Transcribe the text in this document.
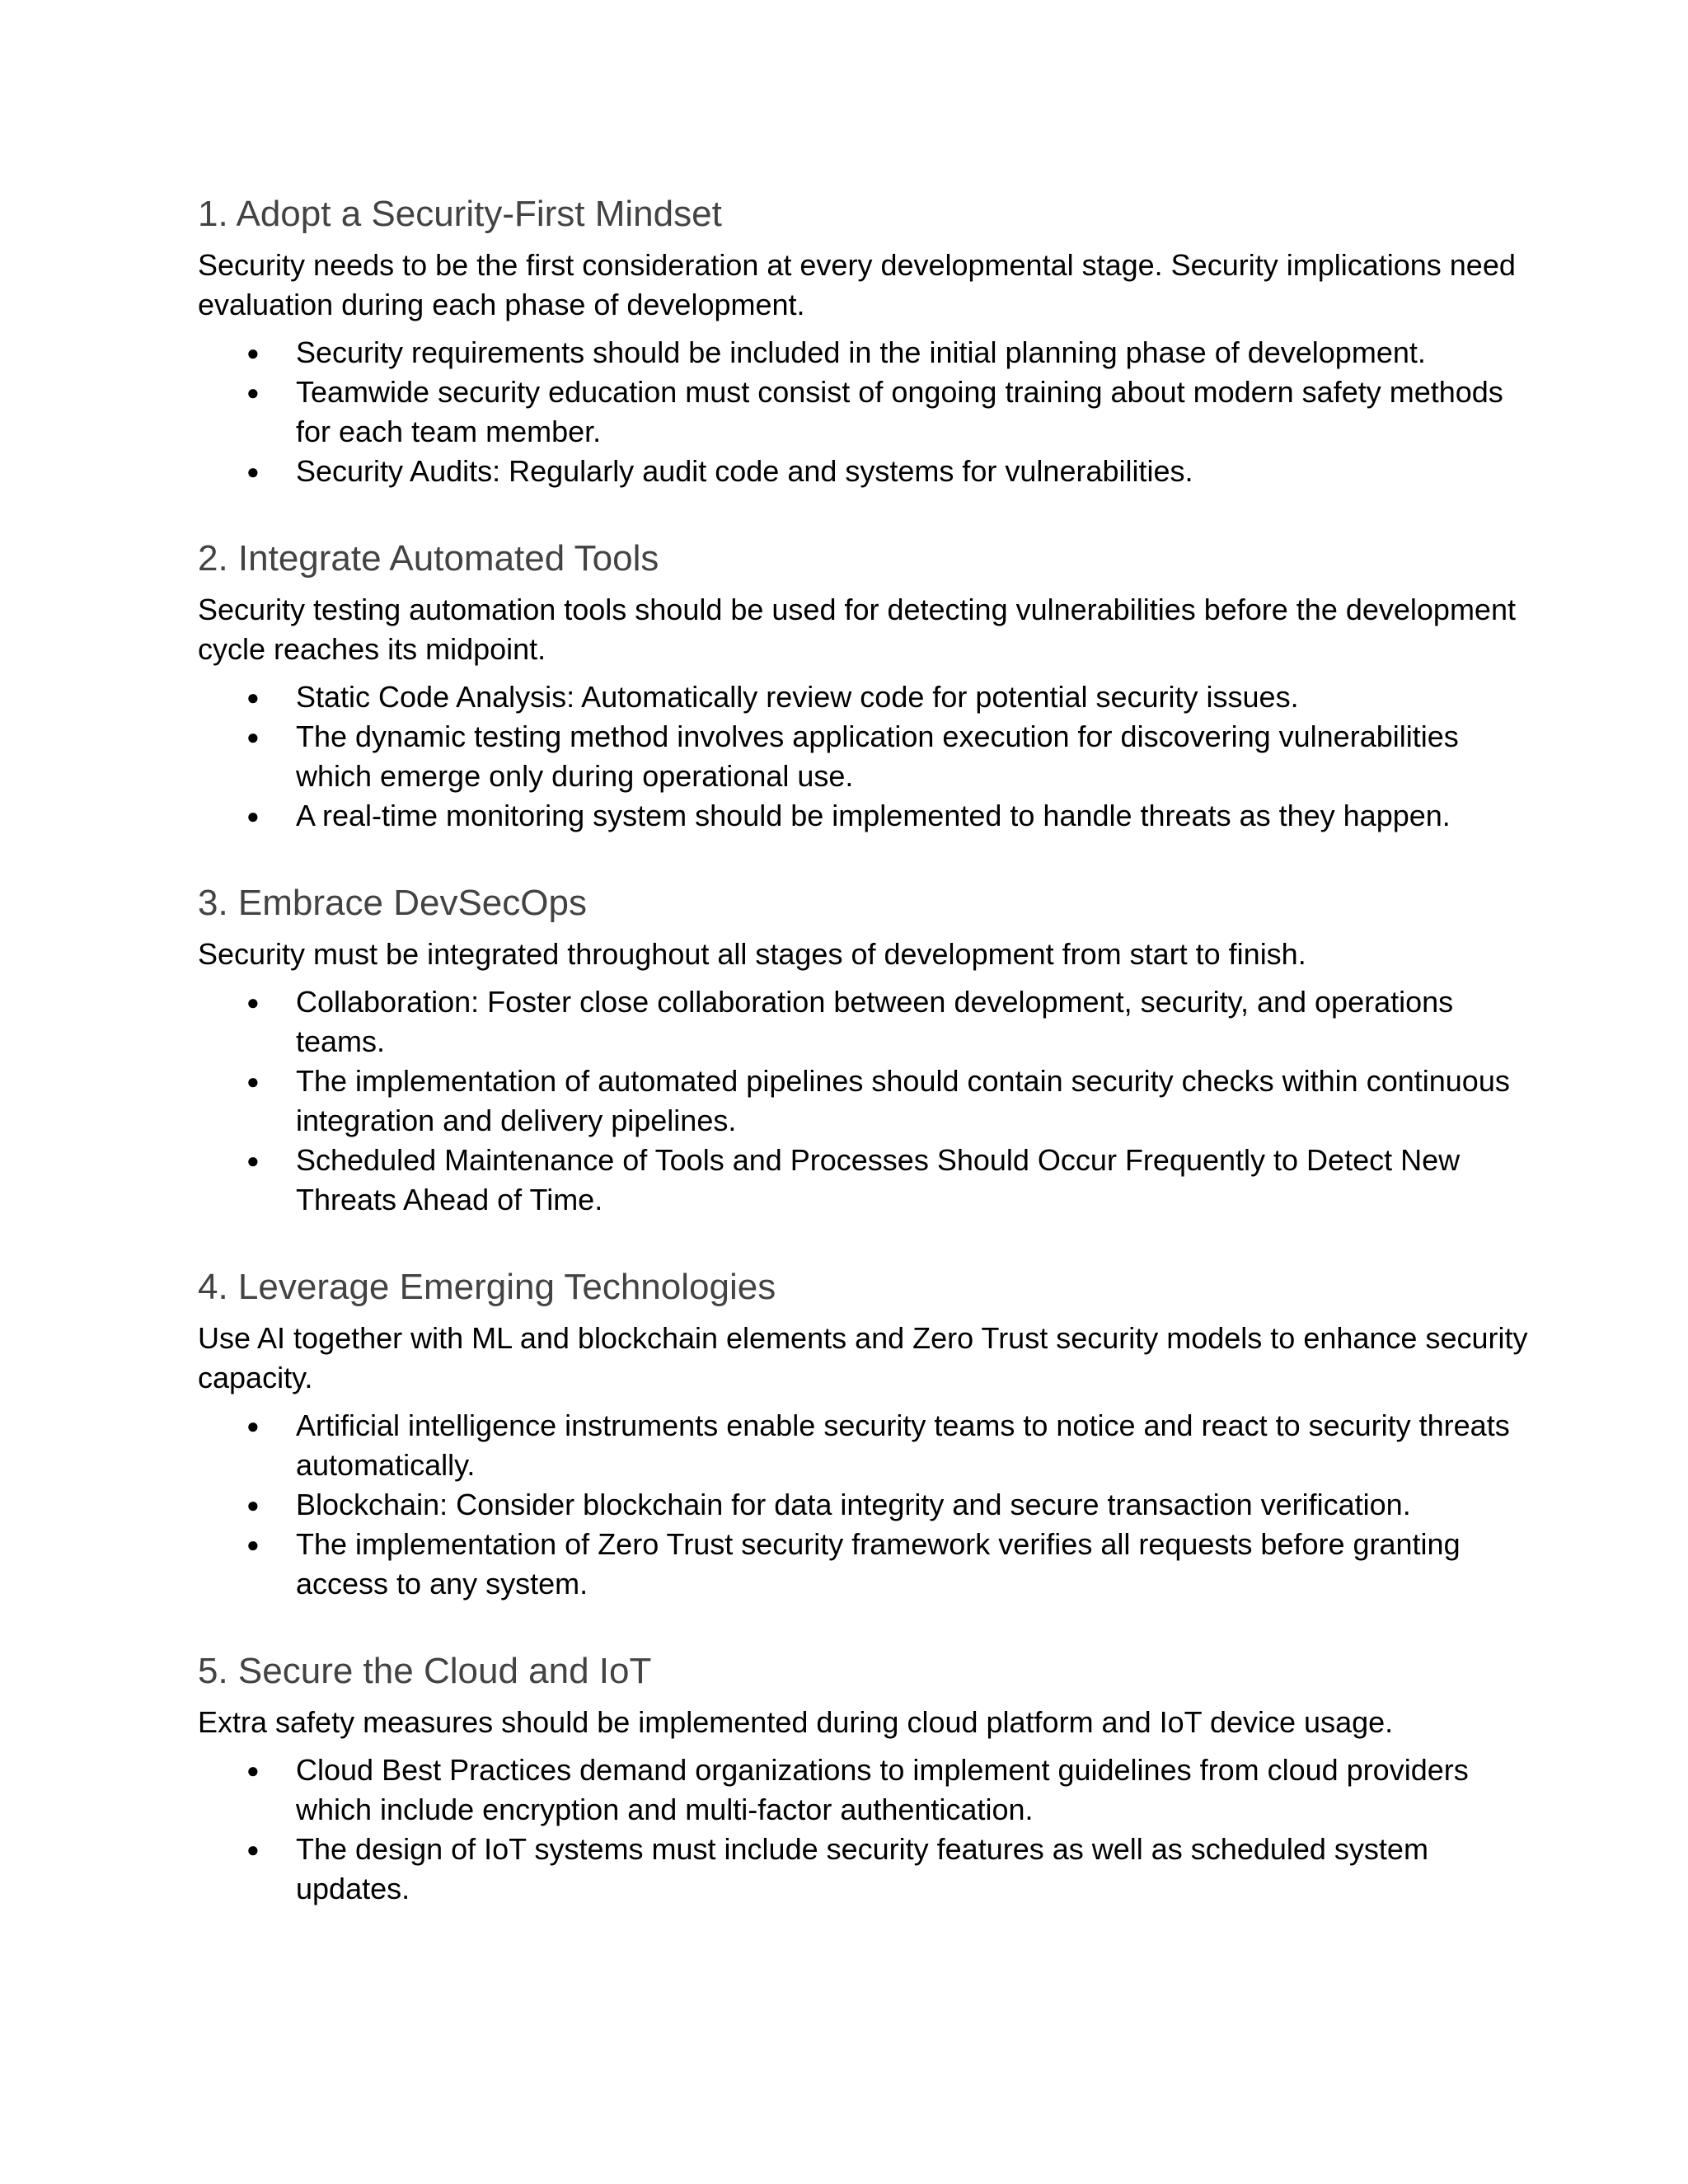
1. Adopt a Security-First Mindset

Security needs to be the first consideration at every developmental stage. Security implications need evaluation during each phase of development.

● Security requirements should be included in the initial planning phase of development.
● Teamwide security education must consist of ongoing training about modern safety methods for each team member.
● Security Audits: Regularly audit code and systems for vulnerabilities.
2. Integrate Automated Tools

Security testing automation tools should be used for detecting vulnerabilities before the development cycle reaches its midpoint.

● Static Code Analysis: Automatically review code for potential security issues.
● The dynamic testing method involves application execution for discovering vulnerabilities which emerge only during operational use.
● A real-time monitoring system should be implemented to handle threats as they happen.
3. Embrace DevSecOps

Security must be integrated throughout all stages of development from start to finish.

● Collaboration: Foster close collaboration between development, security, and operations teams.
● The implementation of automated pipelines should contain security checks within continuous integration and delivery pipelines.
● Scheduled Maintenance of Tools and Processes Should Occur Frequently to Detect New Threats Ahead of Time.
4. Leverage Emerging Technologies

Use AI together with ML and blockchain elements and Zero Trust security models to enhance security capacity.

● Artificial intelligence instruments enable security teams to notice and react to security threats automatically.
● Blockchain: Consider blockchain for data integrity and secure transaction verification.
● The implementation of Zero Trust security framework verifies all requests before granting access to any system.
5. Secure the Cloud and IoT

Extra safety measures should be implemented during cloud platform and IoT device usage.

● Cloud Best Practices demand organizations to implement guidelines from cloud providers which include encryption and multi-factor authentication.
● The design of IoT systems must include security features as well as scheduled system updates.
